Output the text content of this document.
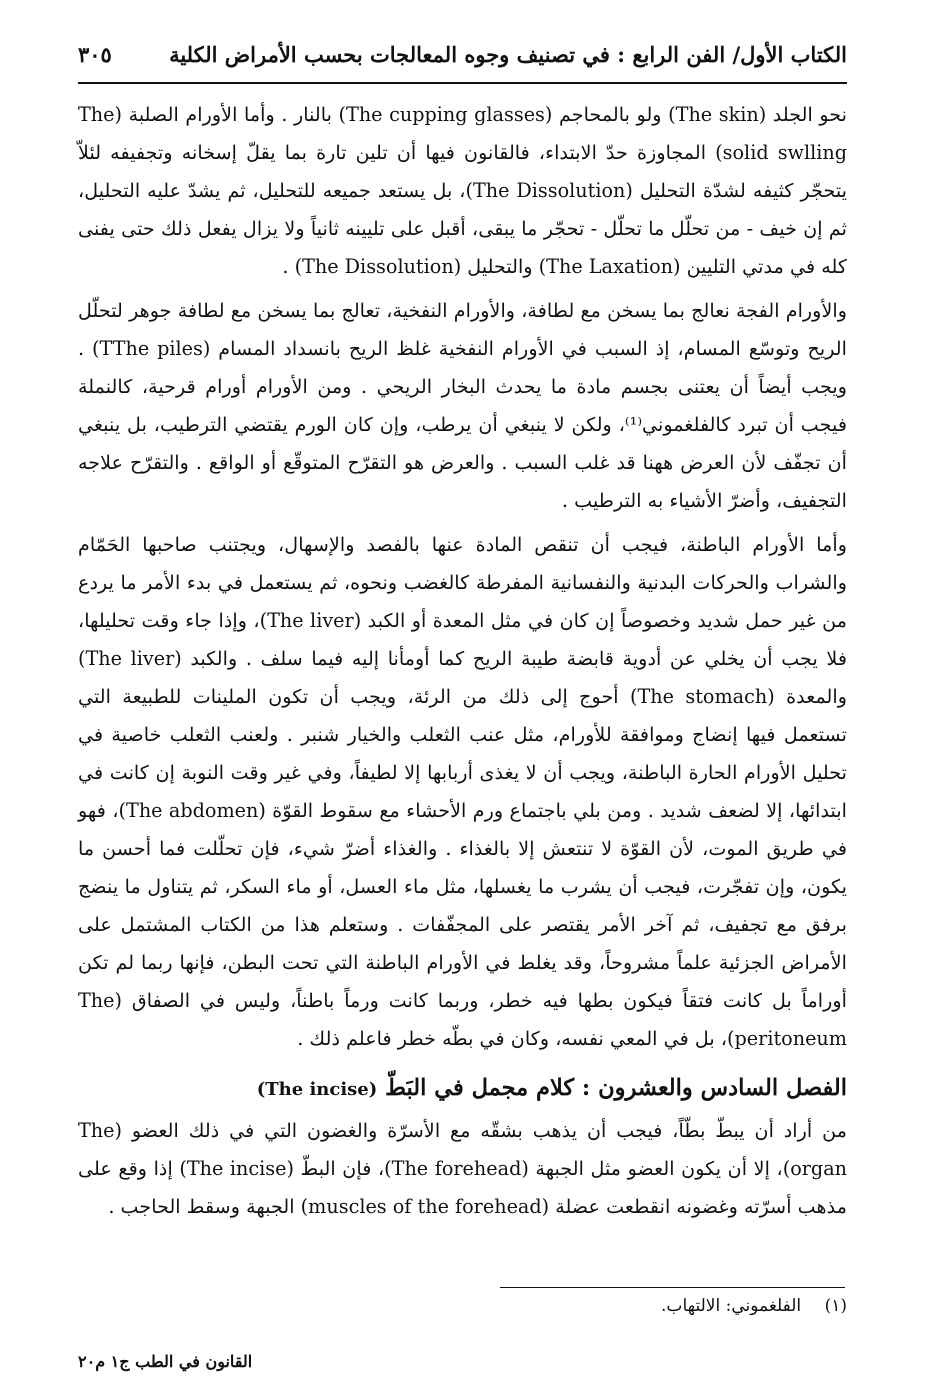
الكتاب الأول/ الفن الرابع : في تصنيف وجوه المعالجات بحسب الأمراض الكلية
٣٠٥

نحو الجلد (The skin) ولو بالمحاجم (The cupping glasses) بالنار . وأما الأورام الصلبة (The solid swlling) المجاوزة حدّ الابتداء، فالقانون فيها أن تلين تارة بما يقلّ إسخانه وتجفيفه لئلاّ يتحجّر كثيفه لشدّة التحليل (The Dissolution)، بل يستعد جميعه للتحليل، ثم يشدّ عليه التحليل، ثم إن خيف - من تحلّل ما تحلّل - تحجّر ما يبقى، أقبل على تليينه ثانياً ولا يزال يفعل ذلك حتى يفنى كله في مدتي التليين (The Laxation) والتحليل (The Dissolution) .

والأورام الفجة نعالج بما يسخن مع لطافة، والأورام النفخية، تعالج بما يسخن مع لطافة جوهر لتحلّل الريح وتوسّع المسام، إذ السبب في الأورام النفخية غلظ الريح بانسداد المسام (TThe piles) . ويجب أيضاً أن يعتنى بجسم مادة ما يحدث البخار الريحي . ومن الأورام أورام قرحية، كالنملة فيجب أن تبرد كالفلغموني⁽¹⁾، ولكن لا ينبغي أن يرطب، وإن كان الورم يقتضي الترطيب، بل ينبغي أن تجفّف لأن العرض ههنا قد غلب السبب . والعرض هو التقرّح المتوقّع أو الواقع . والتقرّح علاجه التجفيف، وأضرّ الأشياء به الترطيب .

وأما الأورام الباطنة، فيجب أن تنقص المادة عنها بالفصد والإسهال، ويجتنب صاحبها الحَمّام والشراب والحركات البدنية والنفسانية المفرطة كالغضب ونحوه، ثم يستعمل في بدء الأمر ما يردع من غير حمل شديد وخصوصاً إن كان في مثل المعدة أو الكبد (The liver)، وإذا جاء وقت تحليلها، فلا يجب أن يخلي عن أدوية قابضة طيبة الريح كما أومأنا إليه فيما سلف . والكبد (The liver) والمعدة (The stomach) أحوج إلى ذلك من الرئة، ويجب أن تكون الملينات للطبيعة التي تستعمل فيها إنضاج وموافقة للأورام، مثل عنب الثعلب والخيار شنبر . ولعنب الثعلب خاصية في تحليل الأورام الحارة الباطنة، ويجب أن لا يغذى أربابها إلا لطيفاً، وفي غير وقت النوبة إن كانت في ابتدائها، إلا لضعف شديد . ومن بلي باجتماع ورم الأحشاء مع سقوط القوّة (The abdomen)، فهو في طريق الموت، لأن القوّة لا تنتعش إلا بالغذاء . والغذاء أضرّ شيء، فإن تحلّلت فما أحسن ما يكون، وإن تفجّرت، فيجب أن يشرب ما يغسلها، مثل ماء العسل، أو ماء السكر، ثم يتناول ما ينضج برفق مع تجفيف، ثم آخر الأمر يقتصر على المجفّفات . وستعلم هذا من الكتاب المشتمل على الأمراض الجزئية علماً مشروحاً، وقد يغلط في الأورام الباطنة التي تحت البطن، فإنها ربما لم تكن أوراماً بل كانت فتقاً فيكون بطها فيه خطر، وربما كانت ورماً باطناً، وليس في الصفاق (The peritoneum)، بل في المعي نفسه، وكان في بطّه خطر فاعلم ذلك .

الفصل السادس والعشرون : كلام مجمل في البَطّ (The incise)

من أراد أن يبطّ بطّاً، فيجب أن يذهب بشقّه مع الأسرّة والغضون التي في ذلك العضو (The organ)، إلا أن يكون العضو مثل الجبهة (The forehead)، فإن البطّ (The incise) إذا وقع على مذهب أسرّته وغضونه انقطعت عضلة (muscles of the forehead) الجبهة وسقط الحاجب .

(١) الفلغموني: الالتهاب.
القانون في الطب ج١ م٢٠
